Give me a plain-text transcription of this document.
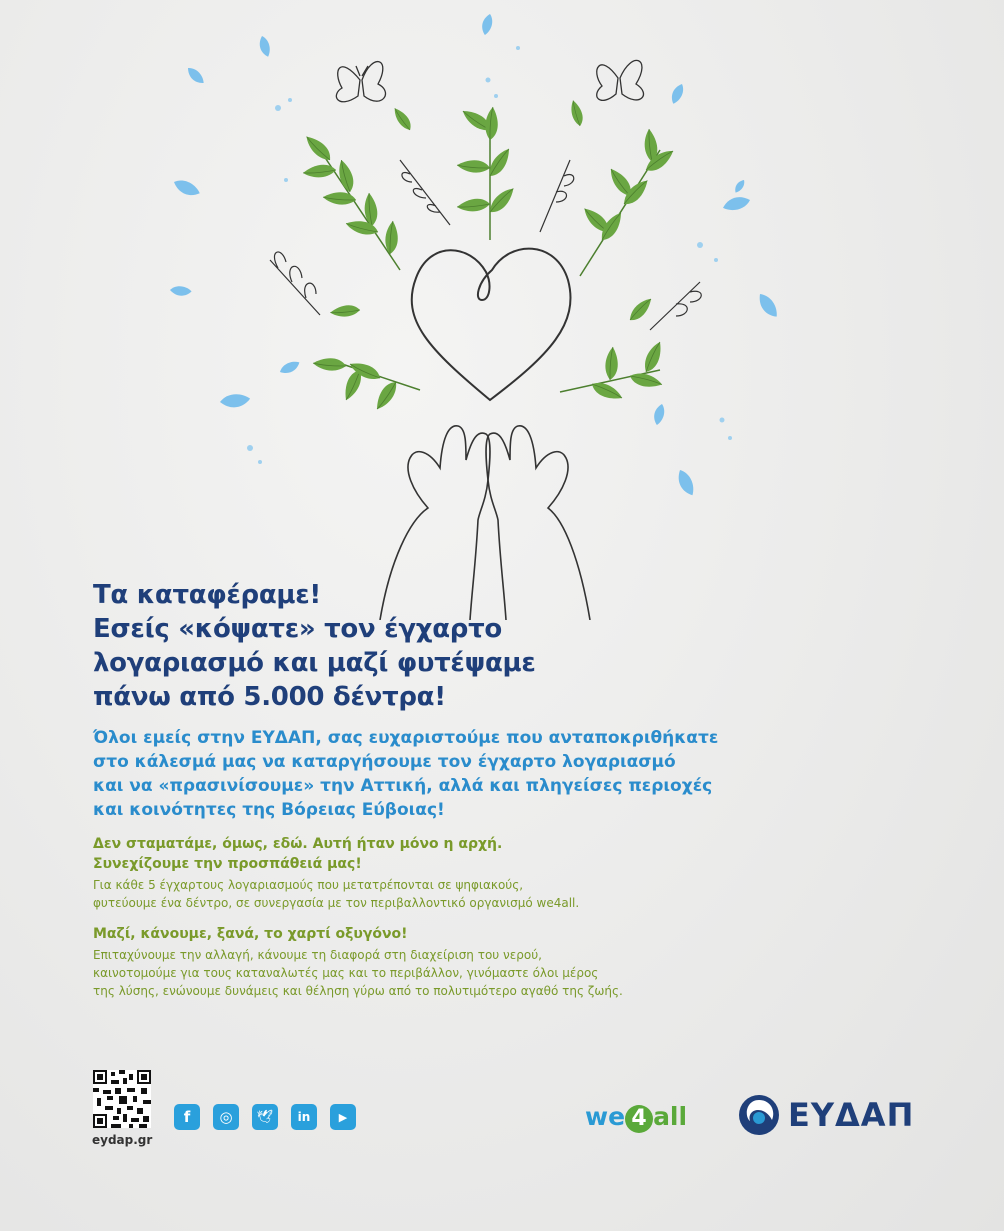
Τα καταφέραμε!
Εσείς «κόψατε» τον έγχαρτο
λογαριασμό και μαζί φυτέψαμε
πάνω από 5.000 δέντρα!

Όλοι εμείς στην ΕΥΔΑΠ, σας ευχαριστούμε που ανταποκριθήκατε
στο κάλεσμά μας να καταργήσουμε τον έγχαρτο λογαριασμό
και να «πρασινίσουμε» την Αττική, αλλά και πληγείσες περιοχές
και κοινότητες της Βόρειας Εύβοιας!

Δεν σταματάμε, όμως, εδώ. Αυτή ήταν μόνο η αρχή.
Συνεχίζουμε την προσπάθειά μας!

Για κάθε 5 έγχαρτους λογαριασμούς που μετατρέπονται σε ψηφιακούς,
φυτεύουμε ένα δέντρο, σε συνεργασία με τον περιβαλλοντικό οργανισμό we4all.

Μαζί, κάνουμε, ξανά, το χαρτί οξυγόνο!

Επιταχύνουμε την αλλαγή, κάνουμε τη διαφορά στη διαχείριση του νερού,
καινοτομούμε για τους καταναλωτές μας και το περιβάλλον, γινόμαστε όλοι μέρος
της λύσης, ενώνουμε δυνάμεις και θέληση γύρω από το πολυτιμότερο αγαθό της ζωής.

eydap.gr
f ◎ 🕊 in	▶	we 4 all	ΕΥΔΑΠ
